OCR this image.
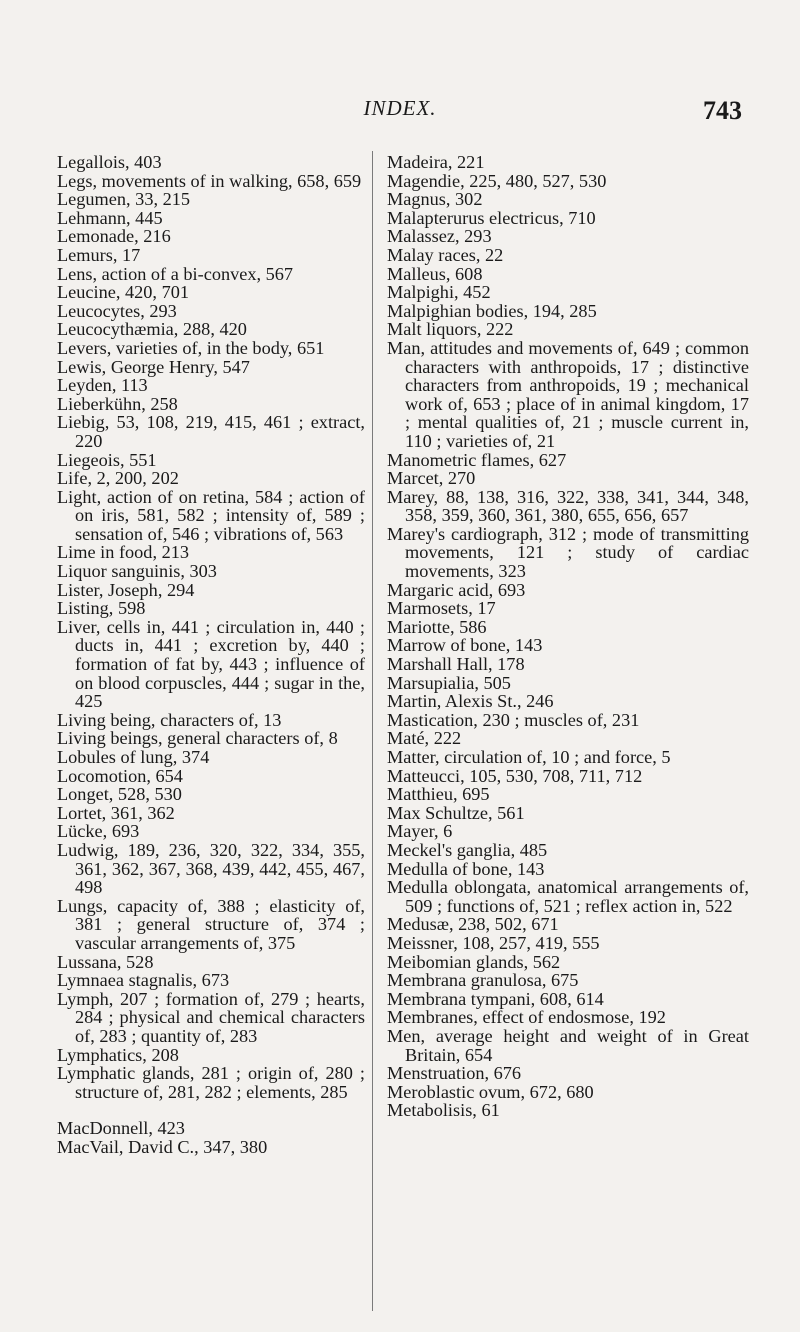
INDEX.	743
Legallois, 403
Legs, movements of in walking, 658, 659
Legumen, 33, 215
Lehmann, 445
Lemonade, 216
Lemurs, 17
Lens, action of a bi-convex, 567
Leucine, 420, 701
Leucocytes, 293
Leucocythæmia, 288, 420
Levers, varieties of, in the body, 651
Lewis, George Henry, 547
Leyden, 113
Lieberkühn, 258
Liebig, 53, 108, 219, 415, 461 ; extract, 220
Liegeois, 551
Life, 2, 200, 202
Light, action of on retina, 584 ; action of on iris, 581, 582 ; intensity of, 589 ; sensation of, 546 ; vibrations of, 563
Lime in food, 213
Liquor sanguinis, 303
Lister, Joseph, 294
Listing, 598
Liver, cells in, 441 ; circulation in, 440 ; ducts in, 441 ; excretion by, 440 ; formation of fat by, 443 ; influence of on blood corpuscles, 444 ; sugar in the, 425
Living being, characters of, 13
Living beings, general characters of, 8
Lobules of lung, 374
Locomotion, 654
Longet, 528, 530
Lortet, 361, 362
Lücke, 693
Ludwig, 189, 236, 320, 322, 334, 355, 361, 362, 367, 368, 439, 442, 455, 467, 498
Lungs, capacity of, 388 ; elasticity of, 381 ; general structure of, 374 ; vascular arrangements of, 375
Lussana, 528
Lymnaea stagnalis, 673
Lymph, 207 ; formation of, 279 ; hearts, 284 ; physical and chemical characters of, 283 ; quantity of, 283
Lymphatics, 208
Lymphatic glands, 281 ; origin of, 280 ; structure of, 281, 282 ; elements, 285
MacDonnell, 423
MacVail, David C., 347, 380
Madeira, 221
Magendie, 225, 480, 527, 530
Magnus, 302
Malapterurus electricus, 710
Malassez, 293
Malay races, 22
Malleus, 608
Malpighi, 452
Malpighian bodies, 194, 285
Malt liquors, 222
Man, attitudes and movements of, 649 ; common characters with anthropoids, 17 ; distinctive characters from anthropoids, 19 ; mechanical work of, 653 ; place of in animal kingdom, 17 ; mental qualities of, 21 ; muscle current in, 110 ; varieties of, 21
Manometric flames, 627
Marcet, 270
Marey, 88, 138, 316, 322, 338, 341, 344, 348, 358, 359, 360, 361, 380, 655, 656, 657
Marey's cardiograph, 312 ; mode of transmitting movements, 121 ; study of cardiac movements, 323
Margaric acid, 693
Marmosets, 17
Mariotte, 586
Marrow of bone, 143
Marshall Hall, 178
Marsupialia, 505
Martin, Alexis St., 246
Mastication, 230 ; muscles of, 231
Maté, 222
Matter, circulation of, 10 ; and force, 5
Matteucci, 105, 530, 708, 711, 712
Matthieu, 695
Max Schultze, 561
Mayer, 6
Meckel's ganglia, 485
Medulla of bone, 143
Medulla oblongata, anatomical arrangements of, 509 ; functions of, 521 ; reflex action in, 522
Medusæ, 238, 502, 671
Meissner, 108, 257, 419, 555
Meibomian glands, 562
Membrana granulosa, 675
Membrana tympani, 608, 614
Membranes, effect of endosmose, 192
Men, average height and weight of in Great Britain, 654
Menstruation, 676
Meroblastic ovum, 672, 680
Metabolisis, 61
